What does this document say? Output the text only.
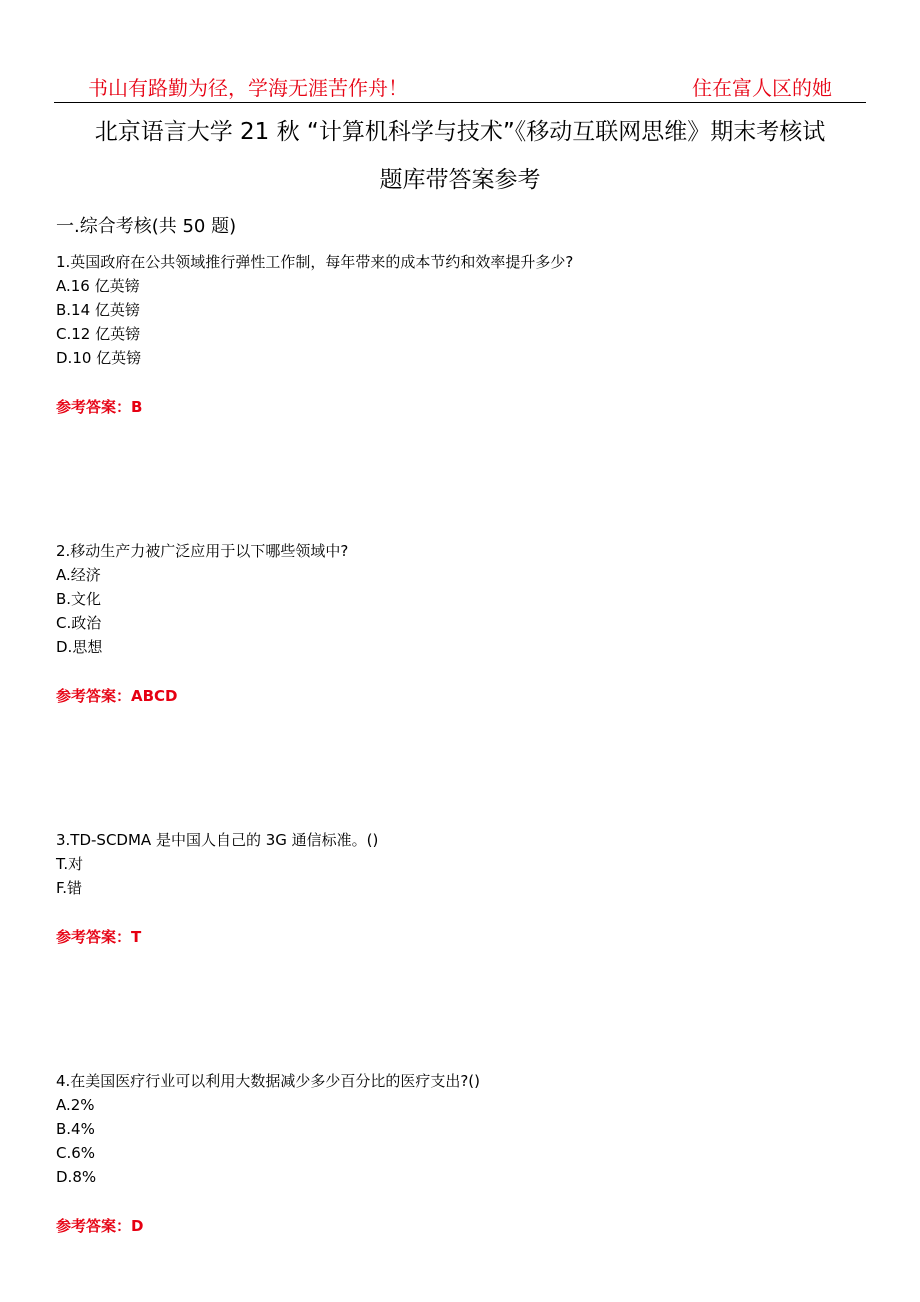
书山有路勤为径，学海无涯苦作舟！	住在富人区的她
北京语言大学 21 秋 “计算机科学与技术”《移动互联网思维》期末考核试
题库带答案参考
一.综合考核(共 50 题)
1.英国政府在公共领域推行弹性工作制，每年带来的成本节约和效率提升多少?
A.16 亿英镑
B.14 亿英镑
C.12 亿英镑
D.10 亿英镑
参考答案：B
2.移动生产力被广泛应用于以下哪些领域中?
A.经济
B.文化
C.政治
D.思想
参考答案：ABCD
3.TD-SCDMA 是中国人自己的 3G 通信标准。()
T.对
F.错
参考答案：T
4.在美国医疗行业可以利用大数据减少多少百分比的医疗支出?()
A.2%
B.4%
C.6%
D.8%
参考答案：D
